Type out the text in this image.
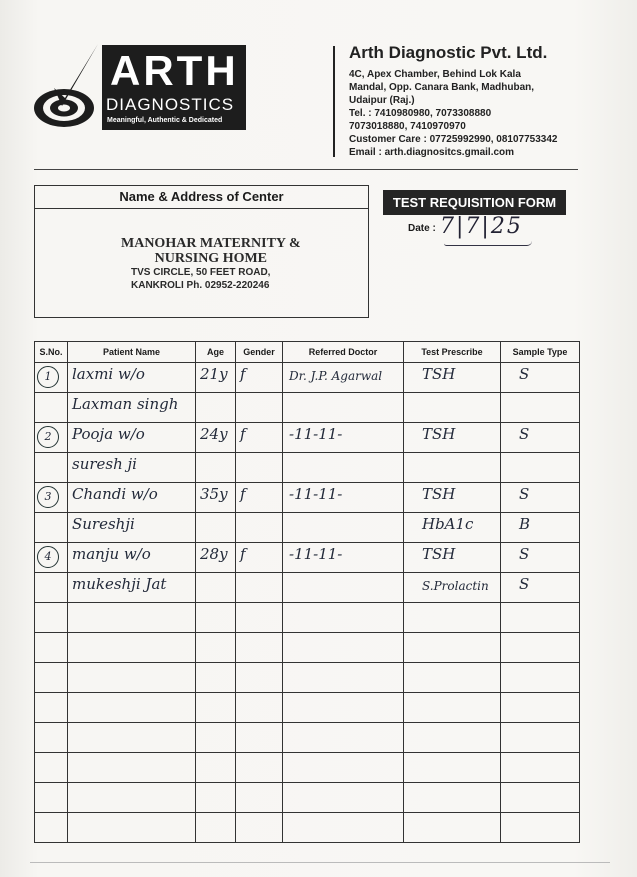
ARTH
DIAGNOSTICS
Meaningful, Authentic & Dedicated
Arth Diagnostic Pvt. Ltd.
4C, Apex Chamber, Behind Lok Kala
Mandal, Opp. Canara Bank, Madhuban,
Udaipur (Raj.)
Tel. : 7410980980, 7073308880
7073018880, 7410970970
Customer Care : 07725992990, 08107753342
Email : arth.diagnositcs.gmail.com
Name & Address of Center
MANOHAR MATERNITY &
NURSING HOME
TVS CIRCLE, 50 FEET ROAD,
KANKROLI Ph. 02952-220246
TEST REQUISITION FORM
Date : 7|7|25
S.No.	Patient Name	Age	Gender	Referred Doctor	Test Prescribe	Sample Type

1	laxmi w/o	21y	f	Dr. J.P. Agarwal	TSH	S

	Laxman singh					

2	Pooja w/o	24y	f	-11-11-	TSH	S

	suresh ji					

3	Chandi w/o	35y	f	-11-11-	TSH	S

	Sureshji				HbA1c	B

4	manju w/o	28y	f	-11-11-	TSH	S

	mukeshji Jat				S.Prolactin	S
